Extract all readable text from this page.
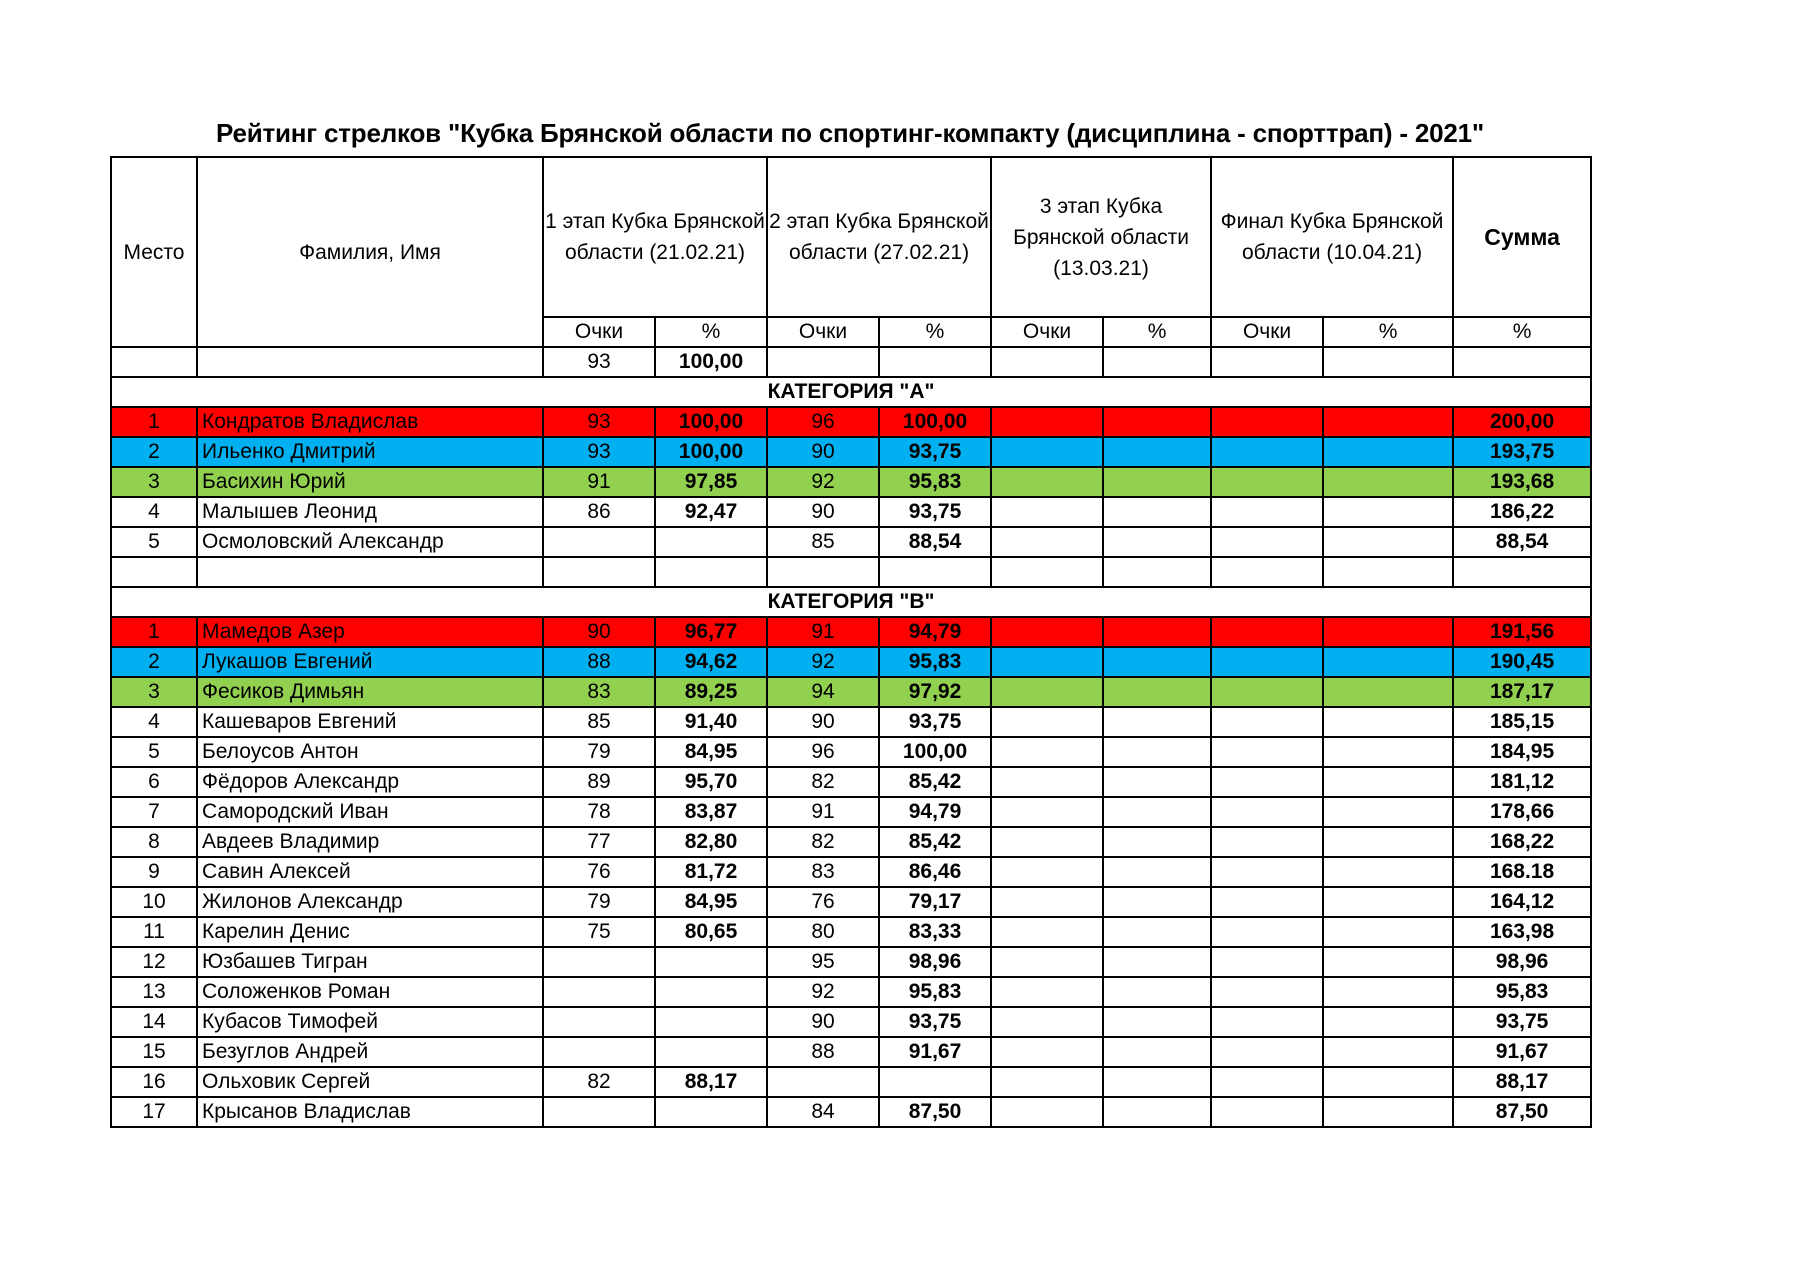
Рейтинг стрелков "Кубка Брянской области по спортинг-компакту (дисциплина - спорттрап) - 2021"
Место	Фамилия, Имя	1 этап Кубка Брянской области (21.02.21)		2 этап Кубка Брянской области (27.02.21)		3 этап Кубка Брянской области (13.03.21)		Финал Кубка Брянской области (10.04.21)		Сумма
		Очки	%	Очки	%	Очки	%	Очки	%	%
		93	100,00							
КАТЕГОРИЯ "А"										
1	Кондратов Владислав	93	100,00	96	100,00					200,00
2	Ильенко Дмитрий	93	100,00	90	93,75					193,75
3	Басихин Юрий	91	97,85	92	95,83					193,68
4	Малышев Леонид	86	92,47	90	93,75					186,22
5	Осмоловский Александр			85	88,54					88,54

КАТЕГОРИЯ "В"										
1	Мамедов Азер	90	96,77	91	94,79					191,56
2	Лукашов Евгений	88	94,62	92	95,83					190,45
3	Фесиков Димьян	83	89,25	94	97,92					187,17
4	Кашеваров Евгений	85	91,40	90	93,75					185,15
5	Белоусов Антон	79	84,95	96	100,00					184,95
6	Фёдоров Александр	89	95,70	82	85,42					181,12
7	Самородский Иван	78	83,87	91	94,79					178,66
8	Авдеев Владимир	77	82,80	82	85,42					168,22
9	Савин Алексей	76	81,72	83	86,46					168.18
10	Жилонов Александр	79	84,95	76	79,17					164,12
11	Карелин Денис	75	80,65	80	83,33					163,98
12	Юзбашев Тигран			95	98,96					98,96
13	Соложенков Роман			92	95,83					95,83
14	Кубасов Тимофей			90	93,75					93,75
15	Безуглов Андрей			88	91,67					91,67
16	Ольховик Сергей	82	88,17							88,17
17	Крысанов Владислав			84	87,50					87,50
